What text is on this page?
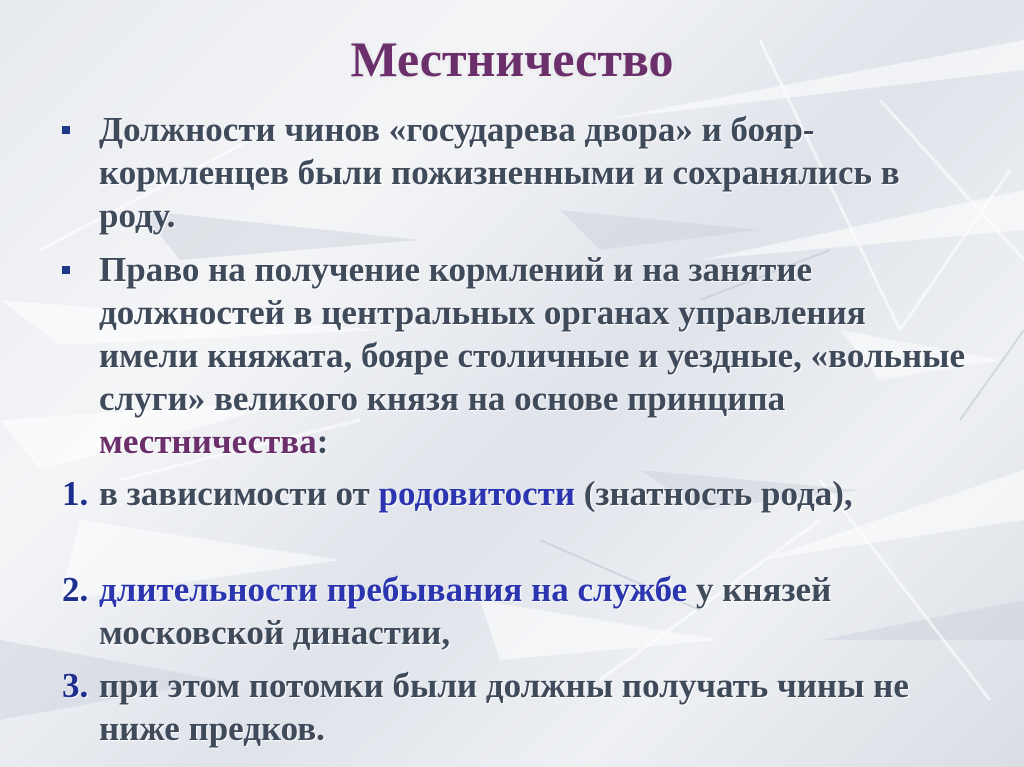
Местничество
Должности чинов «государева двора» и бояр-кормленцев были пожизненными и сохранялись в роду.
Право на получение кормлений и на занятие должностей в центральных органах управления имели княжата, бояре столичные и уездные, «вольные слуги» великого князя на основе принципа местничества:
1. в зависимости от родовитости (знатность рода),
2. длительности пребывания на службе у князей московской династии,
3. при этом потомки были должны получать чины не ниже предков.
